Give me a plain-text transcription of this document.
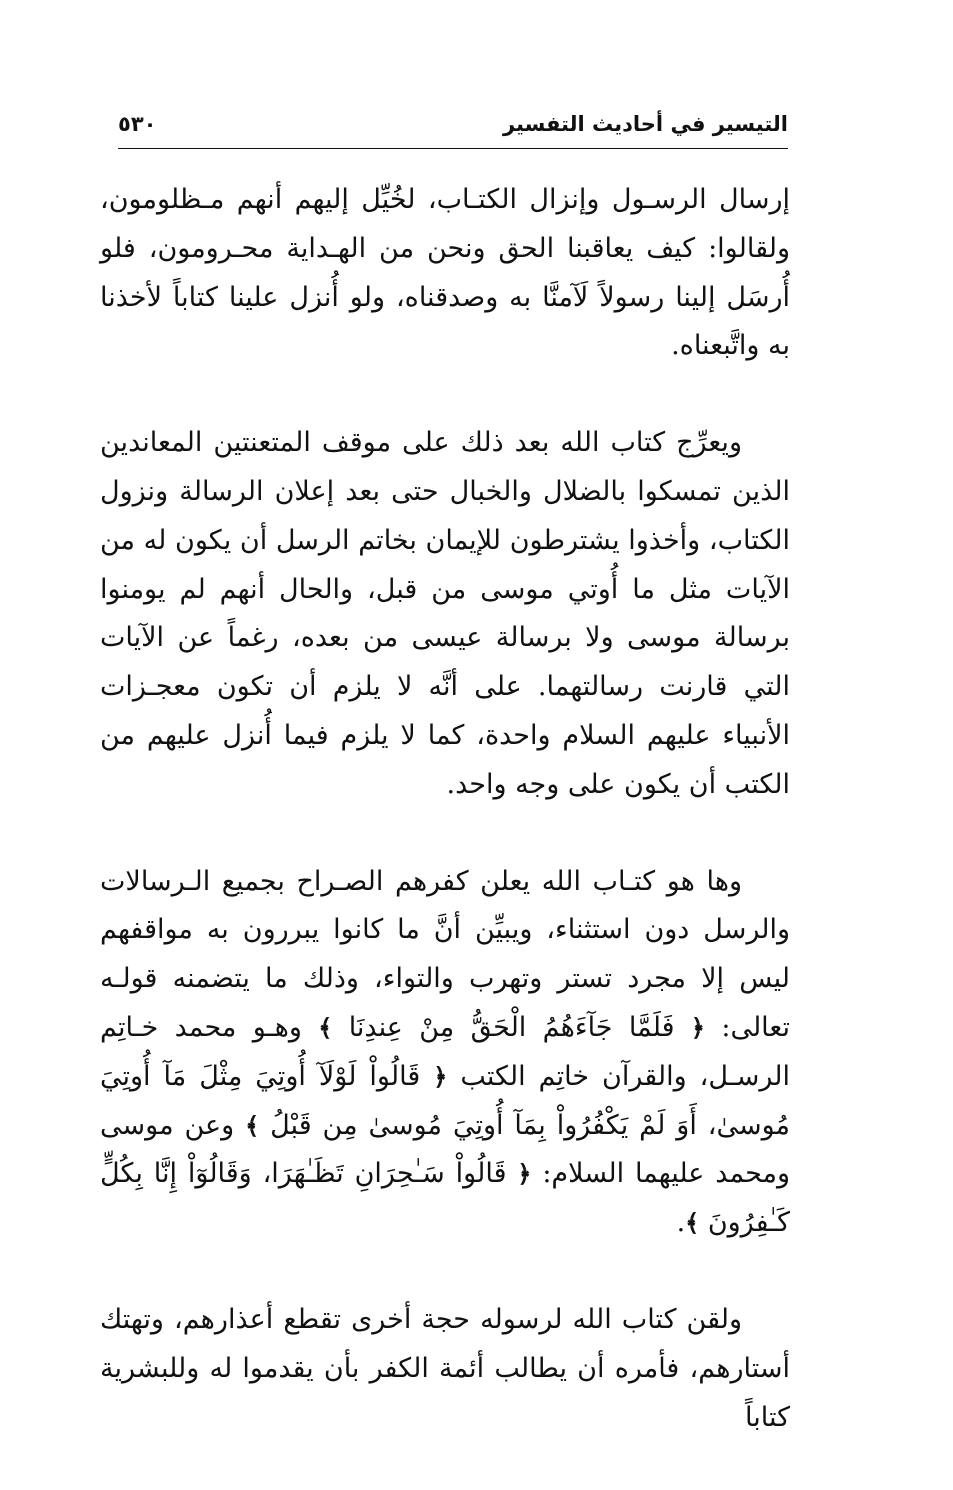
التيسير في أحاديث التفسير
٥٣٠

إرسال الرسـول وإنزال الكتـاب، لخُيِّل إليهم أنهم مـظلومون، ولقالوا: كيف يعاقبنا الحق ونحن من الهـداية محـرومون، فلو أُرسَل إلينا رسولاً لَآمنَّا به وصدقناه، ولو أُنزل علينا كتاباً لأخذنا به واتَّبعناه.

ويعرِّج كتاب الله بعد ذلك على موقف المتعنتين المعاندين الذين تمسكوا بالضلال والخبال حتى بعد إعلان الرسالة ونزول الكتاب، وأخذوا يشترطون للإيمان بخاتم الرسل أن يكون له من الآيات مثل ما أُوتي موسى من قبل، والحال أنهم لم يومنوا برسالة موسى ولا برسالة عيسى من بعده، رغماً عن الآيات التي قارنت رسالتهما. على أنَّه لا يلزم أن تكون معجـزات الأنبياء عليهم السلام واحدة، كما لا يلزم فيما أُنزل عليهم من الكتب أن يكون على وجه واحد.

وها هو كتـاب الله يعلن كفرهم الصـراح بجميع الـرسالات والرسل دون استثناء، ويبيِّن أنَّ ما كانوا يبررون به مواقفهم ليس إلا مجرد تستر وتهرب والتواء، وذلك ما يتضمنه قولـه تعالى: ﴿ فَلَمَّا جَآءَهُمُ الْحَقُّ مِنْ عِندِنَا ﴾ وهـو محمد خـاتِم الرسـل، والقرآن خاتِم الكتب ﴿ قَالُواْ لَوْلَآ أُوتِيَ مِثْلَ مَآ أُوتِيَ مُوسىٰ، أَوَ لَمْ يَكْفُرُواْ بِمَآ أُوتِيَ مُوسىٰ مِن قَبْلُ ﴾ وعن موسى ومحمد عليهما السلام: ﴿ قَالُواْ سَـٰحِرَانِ تَظَـٰهَرَا، وَقَالُوٓاْ إِنَّا بِكُلٍّ كَـٰفِرُونَ ﴾.

ولقن كتاب الله لرسوله حجة أخرى تقطع أعذارهم، وتهتك أستارهم، فأمره أن يطالب أئمة الكفر بأن يقدموا له وللبشرية كتاباً
